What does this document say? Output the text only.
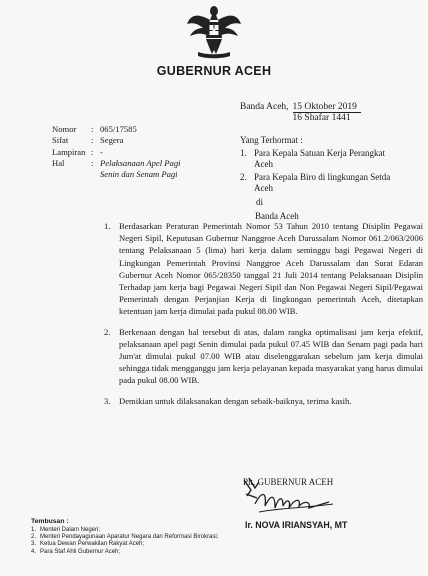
GUBERNUR ACEH
Banda Aceh, 15 Oktober 2019
16 Shafar 1441
Nomor	: 065/17585
Sifat	: Segera
Lampiran : -
Hal	: Pelaksanaan Apel Pagi Senin dan Senam Pagi
Yang Terhormat :
1. Para Kepala Satuan Kerja Perangkat Aceh
2. Para Kepala Biro di lingkungan Setda Aceh
di
Banda Aceh
1. Berdasarkan Peraturan Pemerintah Nomor 53 Tahun 2010 tentang Disiplin Pegawai Negeri Sipil, Keputusan Gubernur Nanggroe Aceh Darussalam Nomor 061.2/063/2006 tentang Pelaksanaan 5 (lima) hari kerja dalam seminggu bagi Pegawai Negeri di Lingkungan Pemerintah Provinsi Nanggroe Aceh Darussalam dan Surat Edaran Gubernur Aceh Nomor 065/28350 tanggal 21 Juli 2014 tentang Pelaksanaan Disiplin Terhadap jam kerja bagi Pegawai Negeri Sipil dan Non Pegawai Negeri Sipil/Pegawai Pemerintah dengan Perjanjian Kerja di lingkungan pemerintah Aceh, ditetapkan ketentuan jam kerja dimulai pada pukul 08.00 WIB.
2. Berkenaan dengan hal tersebut di atas, dalam rangka optimalisasi jam kerja efektif, pelaksanaan apel pagi Senin dimulai pada pukul 07.45 WIB dan Senam pagi pada hari Jum'at dimulai pukul 07.00 WIB atau diselenggarakan sebelum jam kerja dimulai sehingga tidak mengganggu jam kerja pelayanan kepada masyarakat yang harus dimulai pada pukul 08.00 WIB.
3. Demikian untuk dilaksanakan dengan sebaik-baiknya, terima kasih.
Plt. GUBERNUR ACEH
Ir. NOVA IRIANSYAH, MT
Tembusan :
1. Menteri Dalam Negeri;
2. Menteri Pendayagunaan Aparatur Negara dan Reformasi Birokrasi;
3. Ketua Dewan Perwakilan Rakyat Aceh;
4. Para Staf Ahli Gubernur Aceh;
